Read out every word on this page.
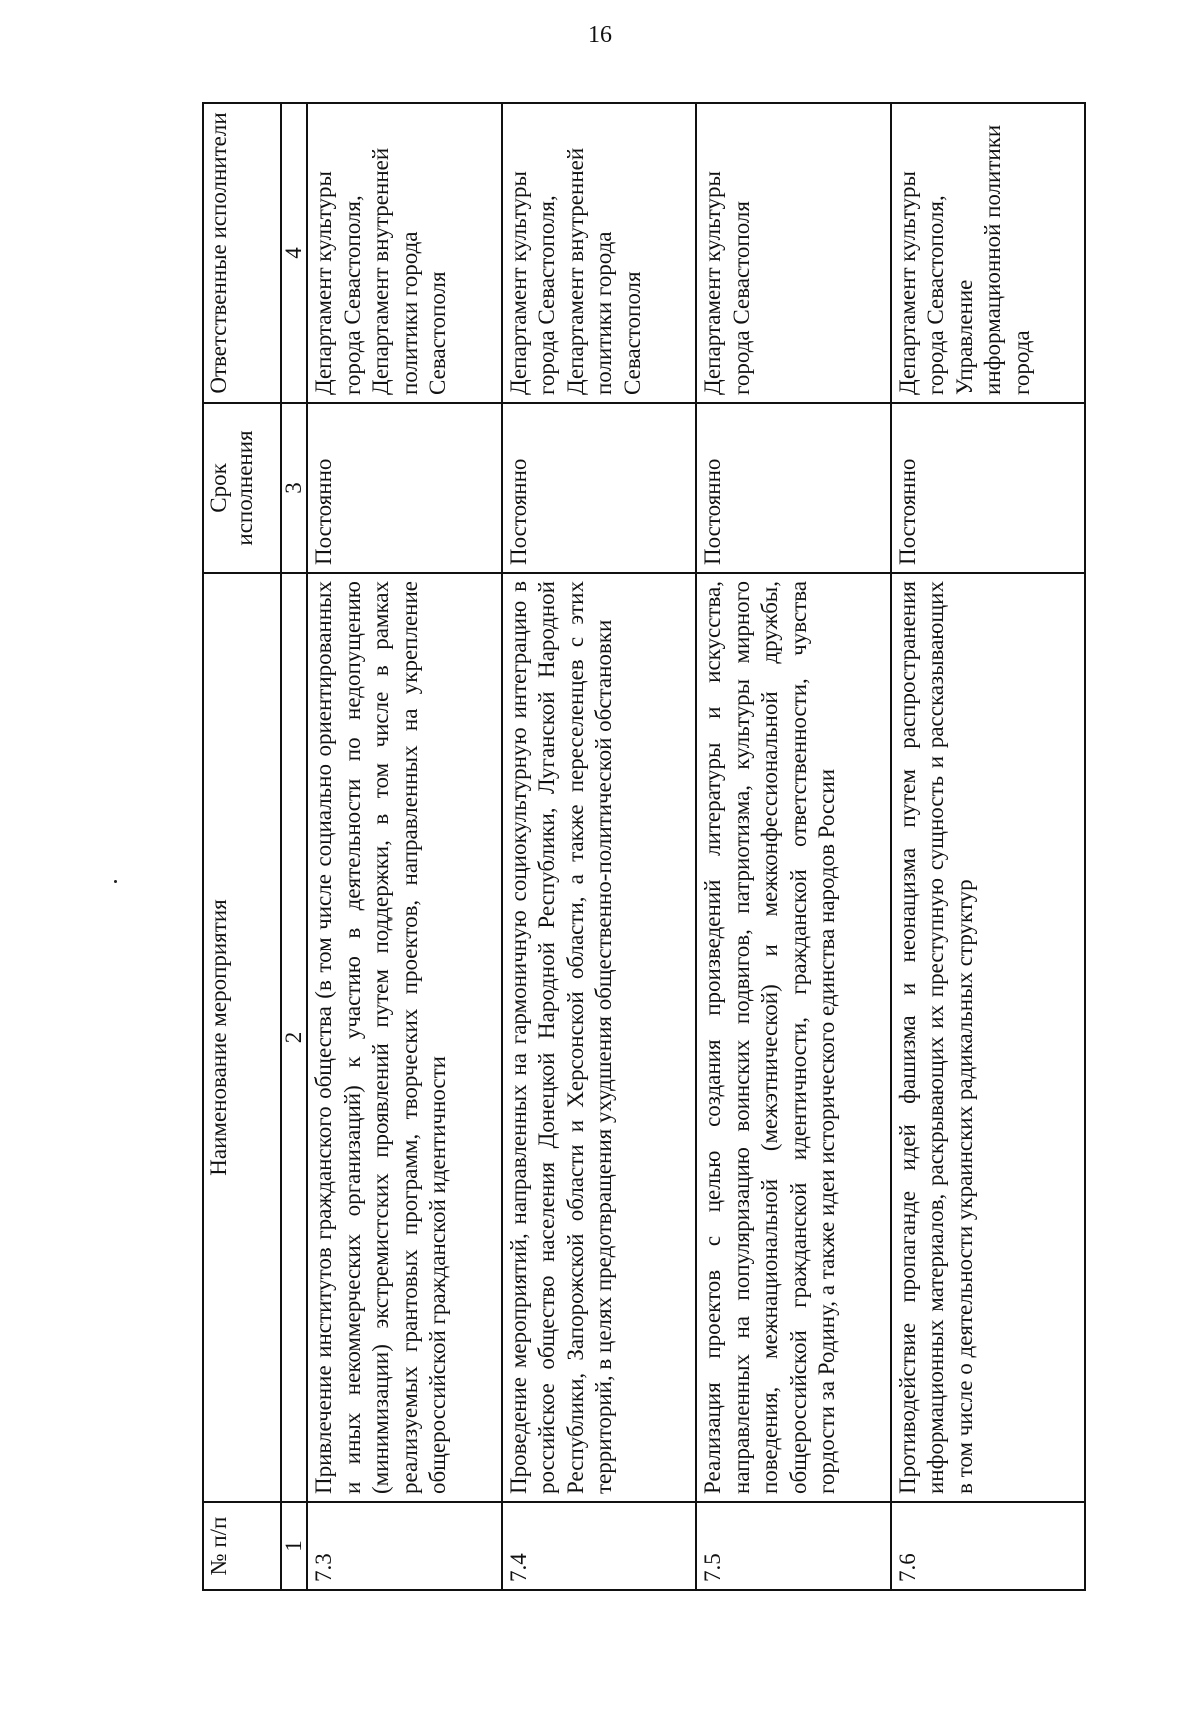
16
№ п/п	Наименование мероприятия	Срок исполнения	Ответственные исполнители
1	2	3	4
7.3	Привлечение институтов гражданского общества (в том числе социально ориентированных и иных некоммерческих организаций) к участию в деятельности по недопущению (минимизации) экстремистских проявлений путем поддержки, в том числе в рамках реализуемых грантовых программ, творческих проектов, направленных на укрепление общероссийской гражданской идентичности	Постоянно	Департамент культуры города Севастополя, Департамент внутренней политики города Севастополя
7.4	Проведение мероприятий, направленных на гармоничную социокультурную интеграцию в российское общество населения Донецкой Народной Республики, Луганской Народной Республики, Запорожской области и Херсонской области, а также переселенцев с этих территорий, в целях предотвращения ухудшения общественно-политической обстановки	Постоянно	Департамент культуры города Севастополя, Департамент внутренней политики города Севастополя
7.5	Реализация проектов с целью создания произведений литературы и искусства, направленных на популяризацию воинских подвигов, патриотизма, культуры мирного поведения, межнациональной (межэтнической) и межконфессиональной дружбы, общероссийской гражданской идентичности, гражданской ответственности, чувства гордости за Родину, а также идеи исторического единства народов России	Постоянно	Департамент культуры города Севастополя
7.6	Противодействие пропаганде идей фашизма и неонацизма путем распространения информационных материалов, раскрывающих их преступную сущность и рассказывающих в том числе о деятельности украинских радикальных структур	Постоянно	Департамент культуры города Севастополя, Управление информационной политики города
